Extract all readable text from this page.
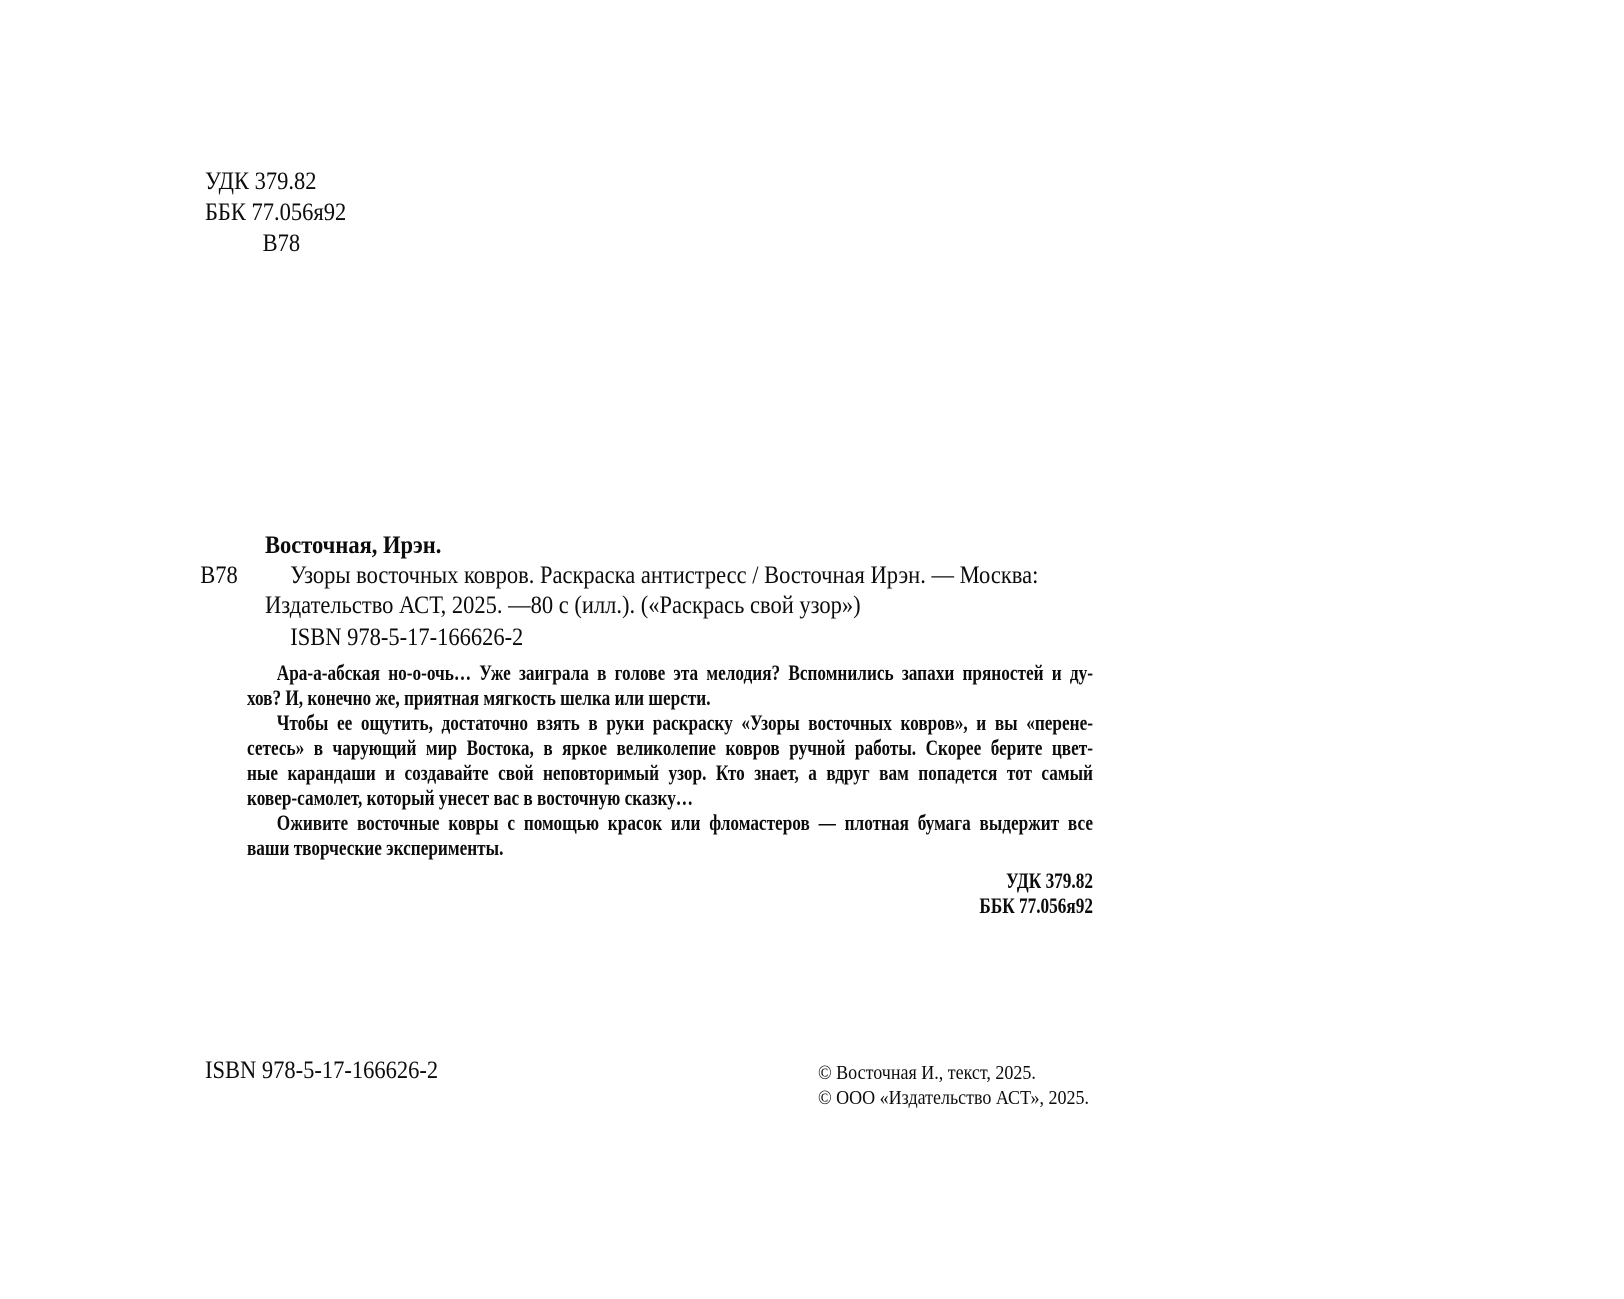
УДК 379.82
ББК 77.056я92
В78
Восточная, Ирэн.
В78 Узоры восточных ковров. Раскраска антистресс / Восточная Ирэн. — Москва:
Издательство АСТ, 2025. —80 с (илл.). («Раскрась свой узор»)
ISBN 978-5-17-166626-2
Ара-а-абская но-о-очь… Уже заиграла в голове эта мелодия? Вспомнились запахи пряностей и ду-
хов? И, конечно же, приятная мягкость шелка или шерсти.
Чтобы ее ощутить, достаточно взять в руки раскраску «Узоры восточных ковров», и вы «перене-
сетесь» в чарующий мир Востока, в яркое великолепие ковров ручной работы. Скорее берите цвет-
ные карандаши и создавайте свой неповторимый узор. Кто знает, а вдруг вам попадется тот самый
ковер-самолет, который унесет вас в восточную сказку…
Оживите восточные ковры с помощью красок или фломастеров — плотная бумага выдержит все
ваши творческие эксперименты.
УДК 379.82
ББК 77.056я92
ISBN 978-5-17-166626-2	© Восточная И., текст, 2025.
© ООО «Издательство АСТ», 2025.
